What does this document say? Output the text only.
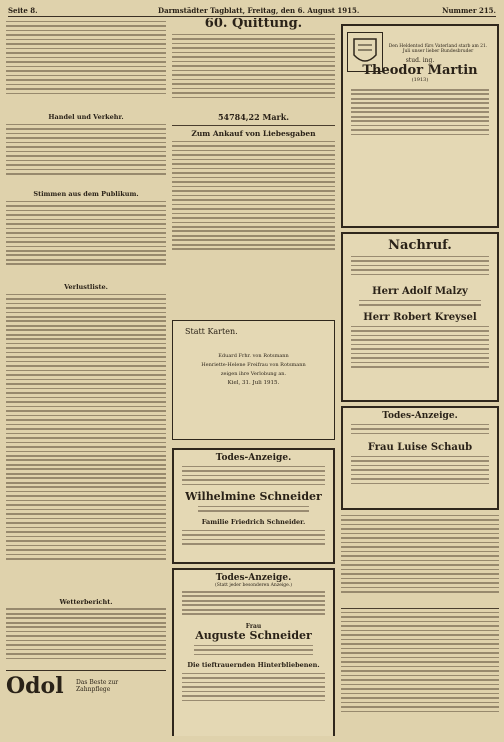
Seite 8.	Darmstädter Tagblatt, Freitag, den 6. August 1915.	Nummer 215.
Handel und Verkehr.
Stimmen aus dem Publikum.
Verlustliste.
Wetterbericht.
Odol Das Beste zur Zahnpflege
60. Quittung.
54784,22 Mark.
Zum Ankauf von Liebesgaben
Statt Karten.
Eduard Frhr. von Rotsmann
Henriette-Helene Freifrau von Rotsmann
zeigen ihre Verlobung an.
Kiel, 31. Juli 1915.
Todes-Anzeige.
Wilhelmine Schneider
Familie Friedrich Schneider.
Todes-Anzeige.
(Statt jeder besonderen Anzeige.)
Frau
Auguste Schneider
Die tieftrauernden Hinterbliebenen.
Den Heldentod fürs Vaterland starb am 21. Juli unser lieber Bundesbruder
stud. ing.
Theodor Martin
(1913)
Nachruf.
Herr Adolf Malzy
Herr Robert Kreysel
Todes-Anzeige.
Frau Luise Schaub
